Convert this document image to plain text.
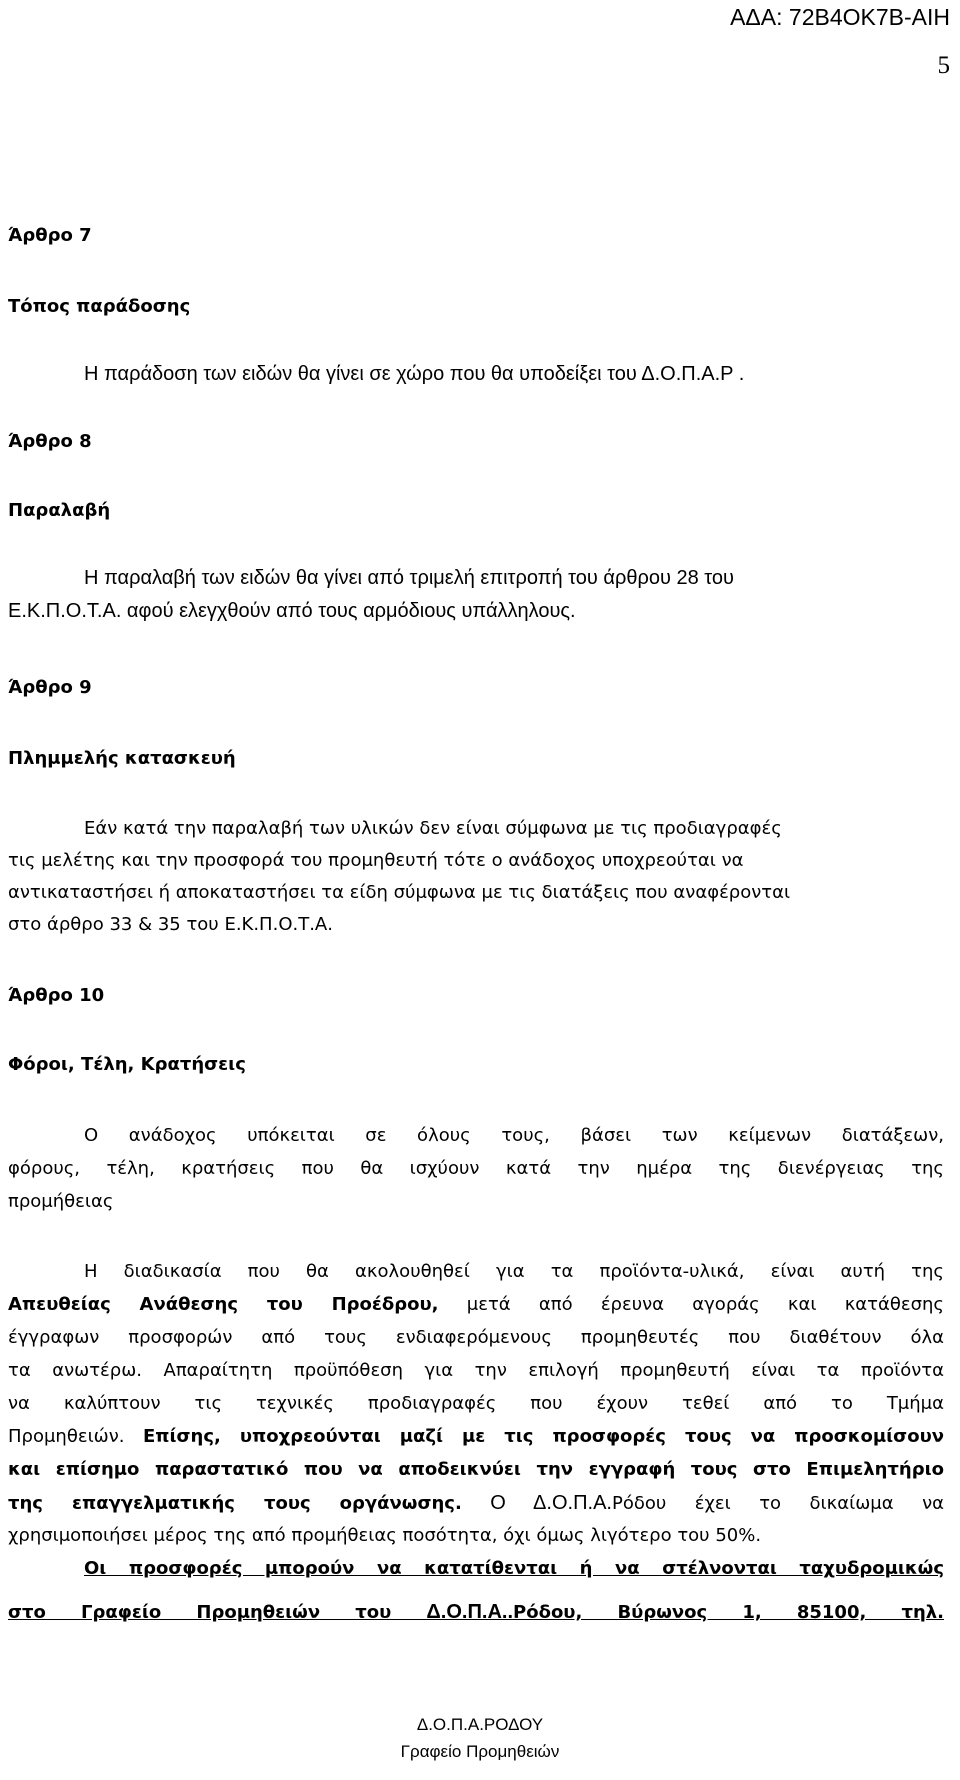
ΑΔΑ: 72Β4ΟΚ7Β-ΑΙΗ
5
Άρθρο 7
Τόπος παράδοσης
Η παράδοση των ειδών θα γίνει σε χώρο που θα υποδείξει του Δ.Ο.Π.Α.Ρ .
Άρθρο 8
Παραλαβή
Η παραλαβή των ειδών θα γίνει από τριμελή επιτροπή του άρθρου 28 του
Ε.Κ.Π.Ο.Τ.Α. αφού ελεγχθούν από τους αρμόδιους υπάλληλους.
Άρθρο 9
Πλημμελής κατασκευή
Εάν κατά την παραλαβή των υλικών δεν είναι σύμφωνα με τις προδιαγραφές
τις μελέτης και την προσφορά του προμηθευτή τότε ο ανάδοχος υποχρεούται να
αντικαταστήσει ή αποκαταστήσει τα είδη σύμφωνα με τις διατάξεις που αναφέρονται
στο άρθρο 33 & 35 του Ε.Κ.Π.Ο.Τ.Α.
Άρθρο 10
Φόροι, Τέλη, Κρατήσεις
Ο ανάδοχος υπόκειται σε όλους τους, βάσει των κείμενων διατάξεων,
φόρους, τέλη, κρατήσεις που θα ισχύουν κατά την ημέρα της διενέργειας της
προμήθειας
Η διαδικασία που θα ακολουθηθεί για τα προϊόντα-υλικά, είναι αυτή της
Απευθείας Ανάθεσης του Προέδρου, μετά από έρευνα αγοράς και κατάθεσης
έγγραφων προσφορών από τους ενδιαφερόμενους προμηθευτές που διαθέτουν όλα
τα ανωτέρω. Απαραίτητη προϋπόθεση για την επιλογή προμηθευτή είναι τα προϊόντα
να καλύπτουν τις τεχνικές προδιαγραφές που έχουν τεθεί από το Τμήμα
Προμηθειών. Επίσης, υποχρεούνται μαζί με τις προσφορές τους να προσκομίσουν
και επίσημο παραστατικό που να αποδεικνύει την εγγραφή τους στο Επιμελητήριο
της επαγγελματικής τους οργάνωσης. Ο Δ.Ο.Π.Α.Ρόδου έχει το δικαίωμα να
χρησιμοποιήσει μέρος της από προμήθειας ποσότητα, όχι όμως λιγότερο του 50%.
Οι προσφορές μπορούν να κατατίθενται ή να στέλνονται ταχυδρομικώς
στο Γραφείο Προμηθειών του Δ.Ο.Π.Α..Ρόδου, Βύρωνος 1, 85100, τηλ.
Δ.Ο.Π.Α.ΡΟΔΟΥ
Γραφείο Προμηθειών
